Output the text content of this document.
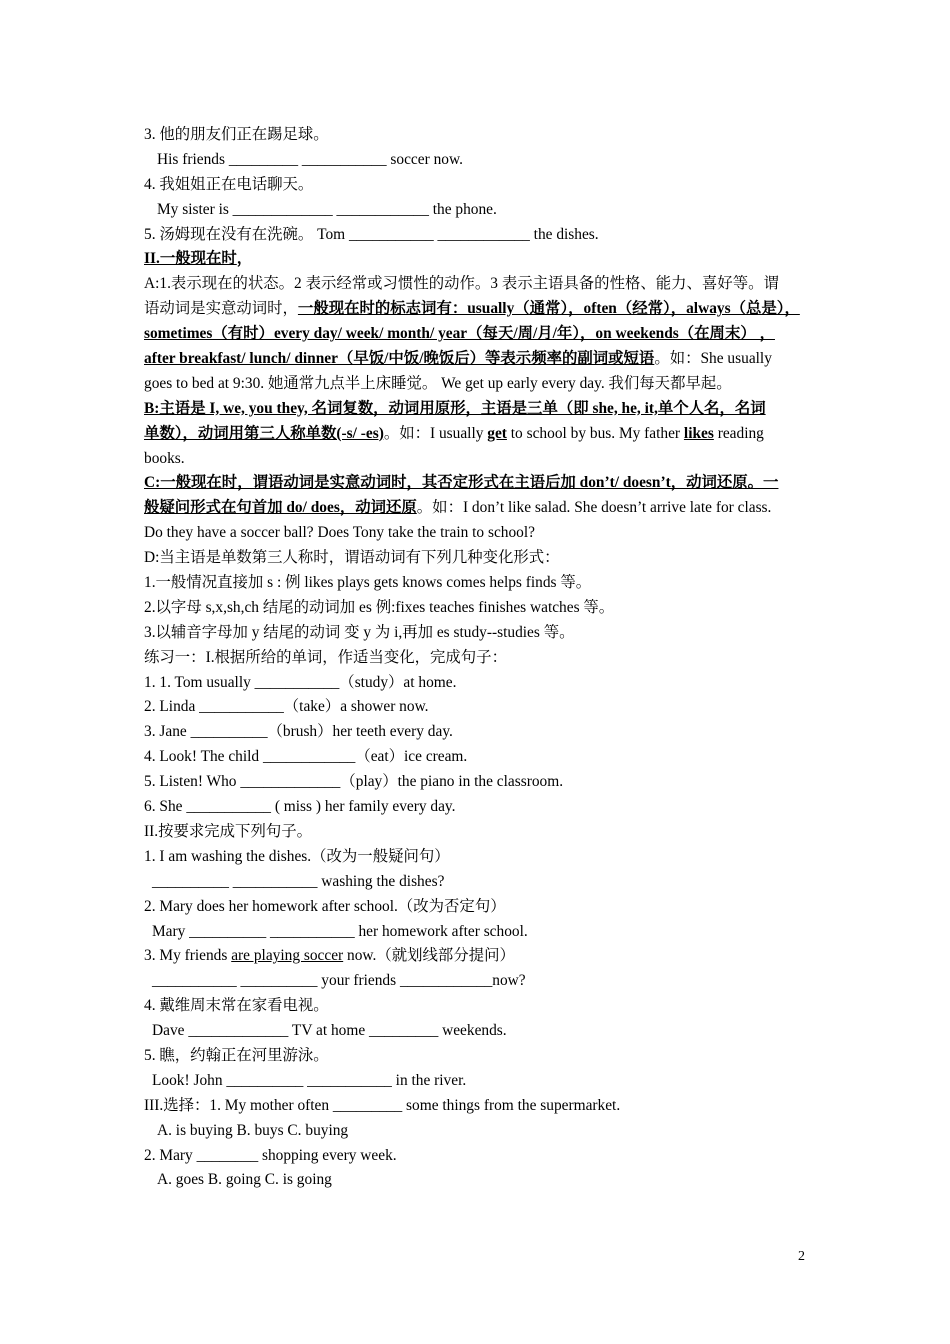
3. 他的朋友们正在踢足球。
His friends _________ ___________ soccer now.
4. 我姐姐正在电话聊天。
My sister is _____________ ____________ the phone.
5. 汤姆现在没有在洗碗。 Tom ___________ ____________ the dishes.
II.一般现在时，
A:1.表示现在的状态。2 表示经常或习惯性的动作。3 表示主语具备的性格、能力、喜好等。谓
语动词是实意动词时，一般现在时的标志词有：usually（通常），often（经常），always（总是），
sometimes（有时）every day/ week/ month/ year（每天/周/月/年），on weekends（在周末） ，
after breakfast/ lunch/ dinner（早饭/中饭/晚饭后）等表示频率的副词或短语。如：She usually
goes to bed at 9:30. 她通常九点半上床睡觉。 We get up early every day. 我们每天都早起。
B:主语是 I, we, you they, 名词复数，动词用原形，主语是三单（即 she, he, it,单个人名，名词
单数），动词用第三人称单数(-s/ -es)。如：I usually get to school by bus. My father likes reading
books.
C:一般现在时，谓语动词是实意动词时，其否定形式在主语后加 don’t/ doesn’t，动词还原。一
般疑问形式在句首加 do/ does，动词还原。如：I don’t like salad. She doesn’t arrive late for class.
Do they have a soccer ball? Does Tony take the train to school?
D:当主语是单数第三人称时，谓语动词有下列几种变化形式：
1.一般情况直接加 s : 例 likes plays gets knows comes helps finds 等。
2.以字母 s,x,sh,ch 结尾的动词加 es 例:fixes teaches finishes watches 等。
3.以辅音字母加 y 结尾的动词 变 y 为 i,再加 es study--studies 等。
练习一：I.根据所给的单词，作适当变化，完成句子：
1. 1. Tom usually ___________（study）at home.
2. Linda ___________（take）a shower now.
3. Jane __________（brush）her teeth every day.
4. Look! The child ____________（eat）ice cream.
5. Listen! Who _____________（play）the piano in the classroom.
6. She ___________ ( miss ) her family every day.
II.按要求完成下列句子。
1. I am washing the dishes.（改为一般疑问句）
__________ ___________ washing the dishes?
2. Mary does her homework after school.（改为否定句）
Mary __________ ___________ her homework after school.
3. My friends are playing soccer now.（就划线部分提问）
___________ __________ your friends ____________now?
4. 戴维周末常在家看电视。
Dave _____________ TV at home _________ weekends.
5. 瞧，约翰正在河里游泳。
Look! John __________ ___________ in the river.
III.选择：1. My mother often _________ some things from the supermarket.
A. is buying B. buys C. buying
2. Mary ________ shopping every week.
A. goes B. going C. is going
2
